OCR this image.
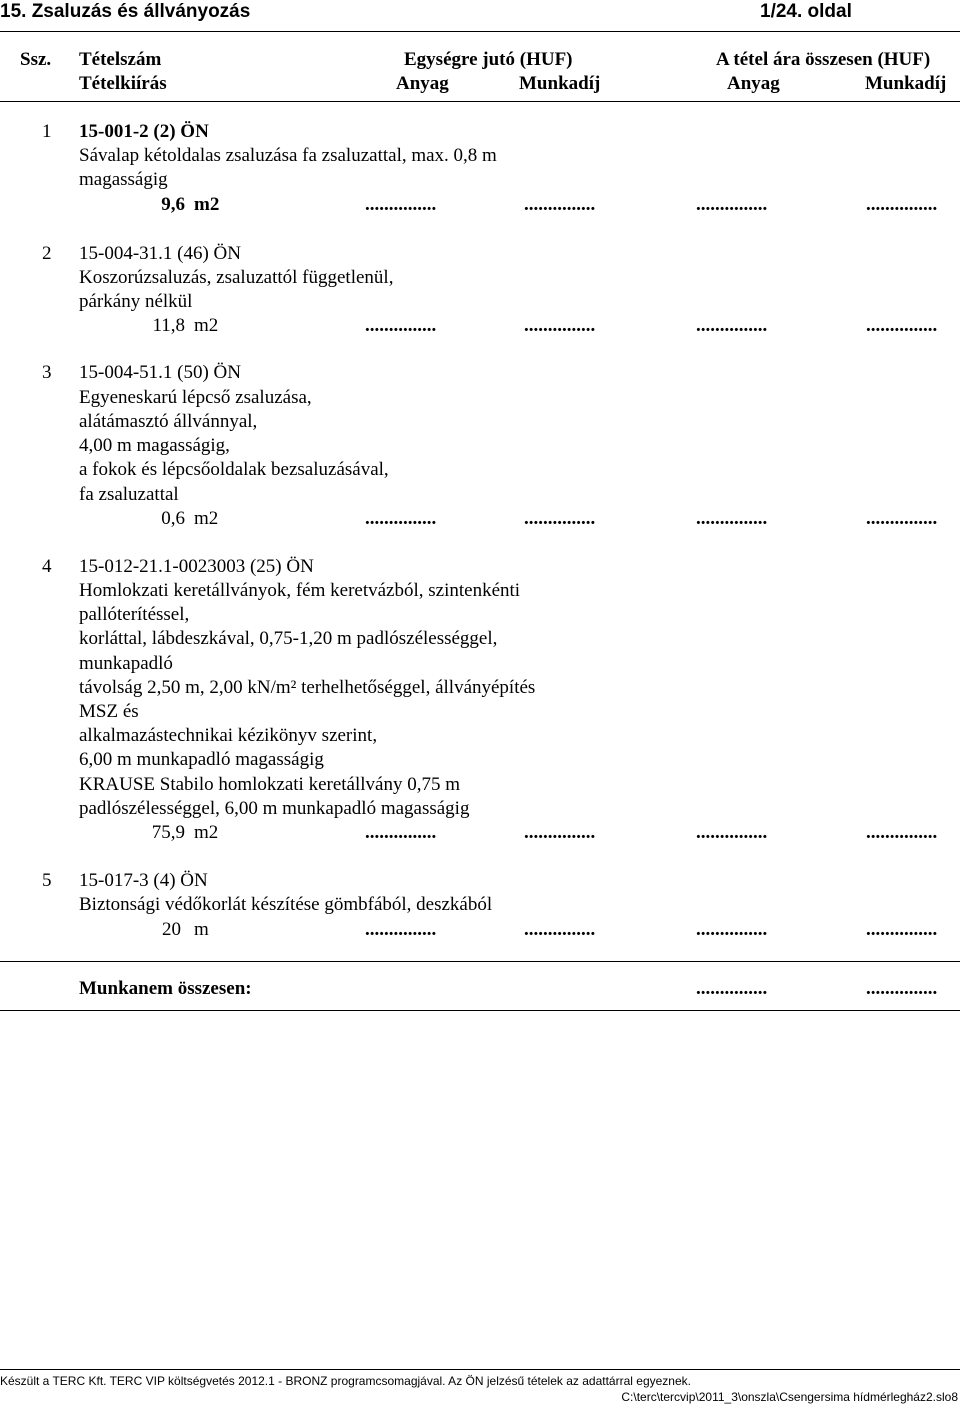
15. Zsaluzás és állványozás	1/24. oldal
Ssz. Tételszám
Tételkiírás
Egységre jutó (HUF)	A tétel ára összesen (HUF)
Anyag	Munkadíj	Anyag	Munkadíj
1 15-001-2 (2) ÖN
Sávalap kétoldalas zsaluzása fa zsaluzattal, max. 0,8 m
magasságig
9,6 m2	...............	...............	...............	...............
2 15-004-31.1 (46) ÖN
Koszorúzsaluzás, zsaluzattól függetlenül,
párkány nélkül
11,8 m2	...............	...............	...............	...............
3 15-004-51.1 (50) ÖN
Egyeneskarú lépcső zsaluzása,
alátámasztó állvánnyal,
4,00 m magasságig,
a fokok és lépcsőoldalak bezsaluzásával,
fa zsaluzattal
0,6 m2	...............	...............	...............	...............
4 15-012-21.1-0023003 (25) ÖN
Homlokzati keretállványok, fém keretvázból, szintenkénti
pallóterítéssel,
korláttal, lábdeszkával, 0,75-1,20 m padlószélességgel,
munkapadló
távolság 2,50 m, 2,00 kN/m² terhelhetőséggel, állványépítés
MSZ és
alkalmazástechnikai kézikönyv szerint,
6,00 m munkapadló magasságig
KRAUSE Stabilo homlokzati keretállvány 0,75 m
padlószélességgel, 6,00 m munkapadló magasságig
75,9 m2	...............	...............	...............	...............
5 15-017-3 (4) ÖN
Biztonsági védőkorlát készítése gömbfából, deszkából
20 m	...............	...............	...............	...............
Munkanem összesen:	...............	...............
Készült a TERC Kft. TERC VIP költségvetés 2012.1 - BRONZ programcsomagjával. Az ÖN jelzésű tételek az adattárral egyeznek.
C:\terc\tercvip\2011_3\onszla\Csengersima hídmérlegház2.slo8
